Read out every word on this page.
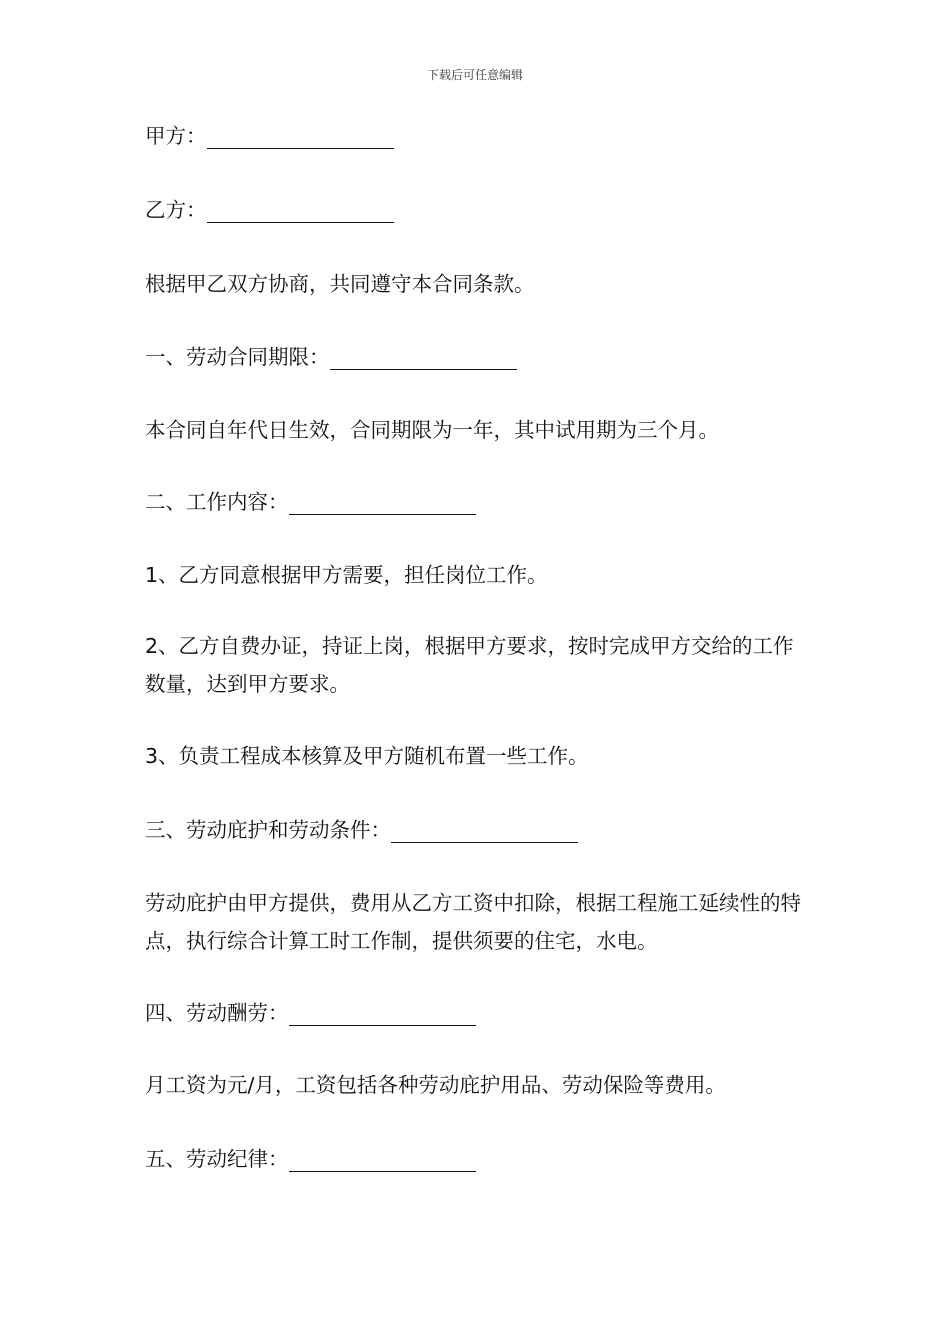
下载后可任意编辑
甲方：
乙方：
根据甲乙双方协商，共同遵守本合同条款。
一、劳动合同期限：
本合同自年代日生效，合同期限为一年，其中试用期为三个月。
二、工作内容：
1、乙方同意根据甲方需要，担任岗位工作。
2、乙方自费办证，持证上岗，根据甲方要求，按时完成甲方交给的工作数量，达到甲方要求。
3、负责工程成本核算及甲方随机布置一些工作。
三、劳动庇护和劳动条件：
劳动庇护由甲方提供，费用从乙方工资中扣除，根据工程施工延续性的特点，执行综合计算工时工作制，提供须要的住宅，水电。
四、劳动酬劳：
月工资为元/月，工资包括各种劳动庇护用品、劳动保险等费用。
五、劳动纪律：
